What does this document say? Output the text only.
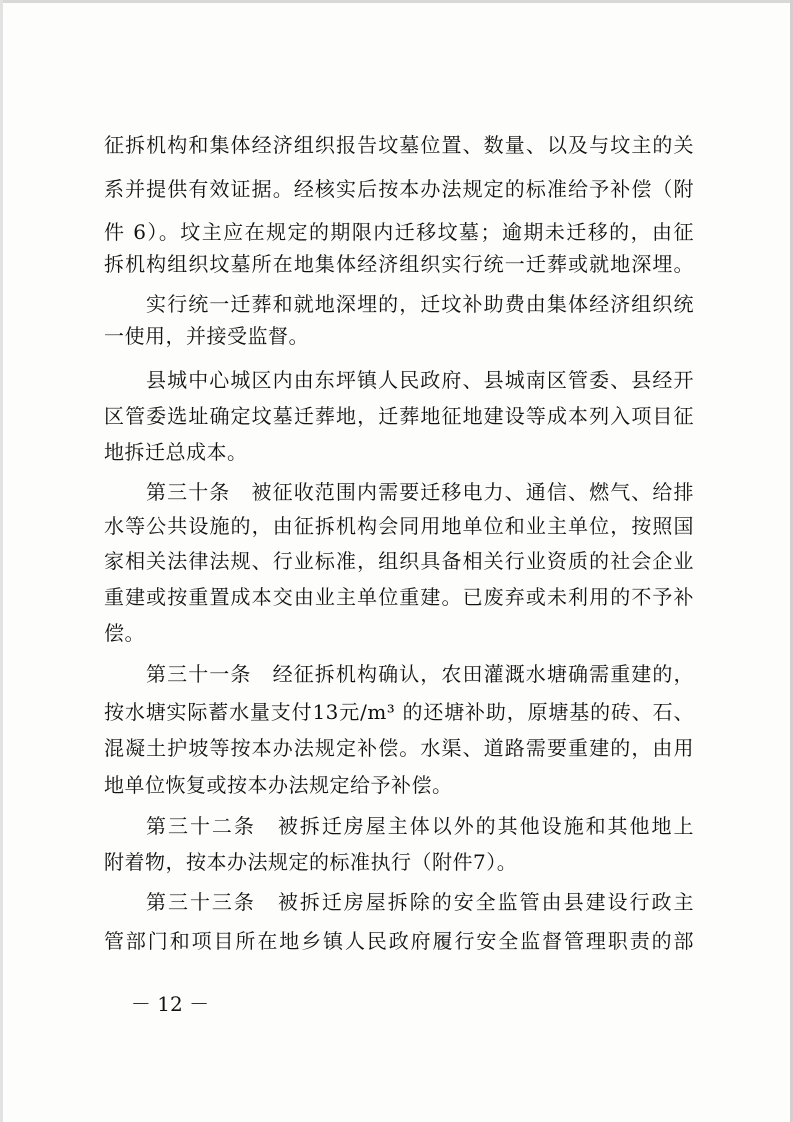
征拆机构和集体经济组织报告坟墓位置、数量、以及与坟主的关
系并提供有效证据。经核实后按本办法规定的标准给予补偿（附
件 6）。坟主应在规定的期限内迁移坟墓；逾期未迁移的，由征
拆机构组织坟墓所在地集体经济组织实行统一迁葬或就地深埋。
实行统一迁葬和就地深埋的，迁坟补助费由集体经济组织统
一使用，并接受监督。
县城中心城区内由东坪镇人民政府、县城南区管委、县经开
区管委选址确定坟墓迁葬地，迁葬地征地建设等成本列入项目征
地拆迁总成本。
第三十条　被征收范围内需要迁移电力、通信、燃气、给排
水等公共设施的，由征拆机构会同用地单位和业主单位，按照国
家相关法律法规、行业标准，组织具备相关行业资质的社会企业
重建或按重置成本交由业主单位重建。已废弃或未利用的不予补
偿。
第三十一条　经征拆机构确认，农田灌溉水塘确需重建的，
按水塘实际蓄水量支付13元/m³ 的还塘补助，原塘基的砖、石、
混凝土护坡等按本办法规定补偿。水渠、道路需要重建的，由用
地单位恢复或按本办法规定给予补偿。
第三十二条　被拆迁房屋主体以外的其他设施和其他地上
附着物，按本办法规定的标准执行（附件7）。
第三十三条　被拆迁房屋拆除的安全监管由县建设行政主
管部门和项目所在地乡镇人民政府履行安全监督管理职责的部
－ 12 －
